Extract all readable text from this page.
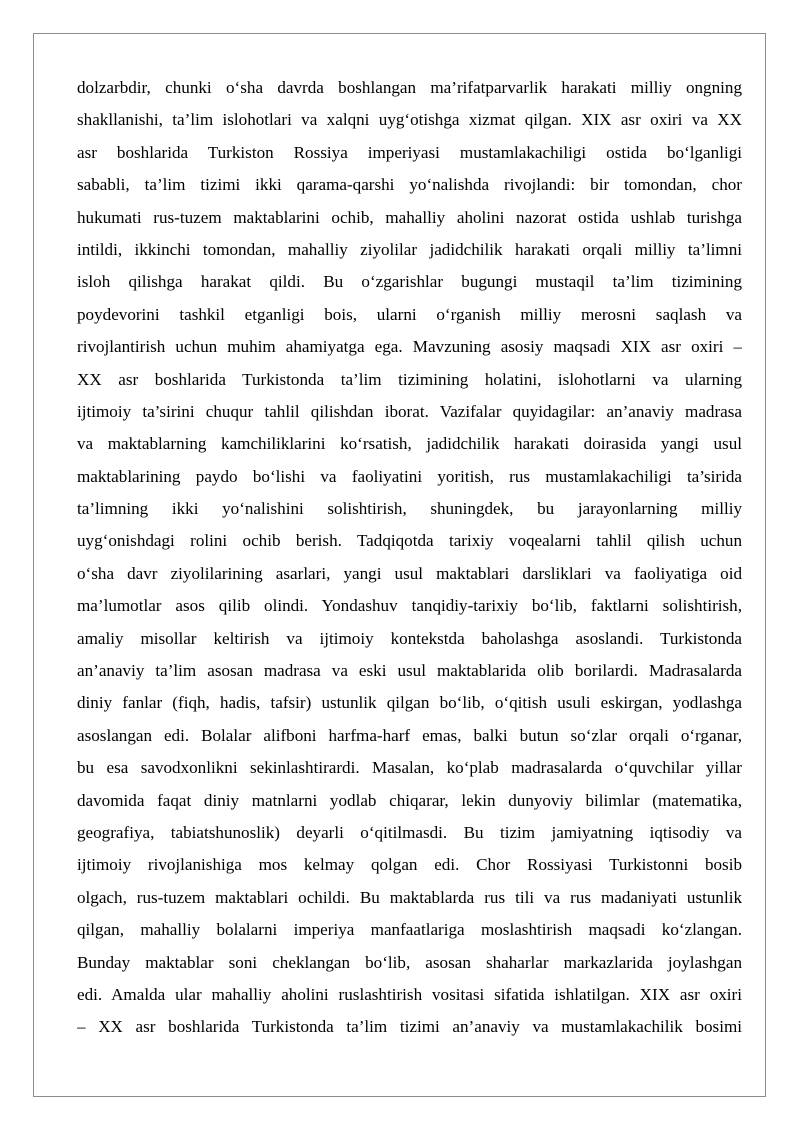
dolzarbdir, chunki o‘sha davrda boshlangan ma’rifatparvarlik harakati milliy ongning
shakllanishi, ta’lim islohotlari va xalqni uyg‘otishga xizmat qilgan. XIX asr oxiri va XX
asr boshlarida Turkiston Rossiya imperiyasi mustamlakachiligi ostida bo‘lganligi
sababli, ta’lim tizimi ikki qarama-qarshi yo‘nalishda rivojlandi: bir tomondan, chor
hukumati rus-tuzem maktablarini ochib, mahalliy aholini nazorat ostida ushlab turishga
intildi, ikkinchi tomondan, mahalliy ziyolilar jadidchilik harakati orqali milliy ta’limni
isloh qilishga harakat qildi. Bu o‘zgarishlar bugungi mustaqil ta’lim tizimining
poydevorini tashkil etganligi bois, ularni o‘rganish milliy merosni saqlash va
rivojlantirish uchun muhim ahamiyatga ega. Mavzuning asosiy maqsadi XIX asr oxiri –
XX asr boshlarida Turkistonda ta’lim tizimining holatini, islohotlarni va ularning
ijtimoiy ta’sirini chuqur tahlil qilishdan iborat. Vazifalar quyidagilar: an’anaviy madrasa
va maktablarning kamchiliklarini ko‘rsatish, jadidchilik harakati doirasida yangi usul
maktablarining paydo bo‘lishi va faoliyatini yoritish, rus mustamlakachiligi ta’sirida
ta’limning ikki yo‘nalishini solishtirish, shuningdek, bu jarayonlarning milliy
uyg‘onishdagi rolini ochib berish. Tadqiqotda tarixiy voqealarni tahlil qilish uchun
o‘sha davr ziyolilarining asarlari, yangi usul maktablari darsliklari va faoliyatiga oid
ma’lumotlar asos qilib olindi. Yondashuv tanqidiy-tarixiy bo‘lib, faktlarni solishtirish,
amaliy misollar keltirish va ijtimoiy kontekstda baholashga asoslandi. Turkistonda
an’anaviy ta’lim asosan madrasa va eski usul maktablarida olib borilardi. Madrasalarda
diniy fanlar (fiqh, hadis, tafsir) ustunlik qilgan bo‘lib, o‘qitish usuli eskirgan, yodlashga
asoslangan edi. Bolalar alifboni harfma-harf emas, balki butun so‘zlar orqali o‘rganar,
bu esa savodxonlikni sekinlashtirardi. Masalan, ko‘plab madrasalarda o‘quvchilar yillar
davomida faqat diniy matnlarni yodlab chiqarar, lekin dunyoviy bilimlar (matematika,
geografiya, tabiatshunoslik) deyarli o‘qitilmasdi. Bu tizim jamiyatning iqtisodiy va
ijtimoiy rivojlanishiga mos kelmay qolgan edi. Chor Rossiyasi Turkistonni bosib
olgach, rus-tuzem maktablari ochildi. Bu maktablarda rus tili va rus madaniyati ustunlik
qilgan, mahalliy bolalarni imperiya manfaatlariga moslashtirish maqsadi ko‘zlangan.
Bunday maktablar soni cheklangan bo‘lib, asosan shaharlar markazlarida joylashgan
edi. Amalda ular mahalliy aholini ruslashtirish vositasi sifatida ishlatilgan. XIX asr oxiri
– XX asr boshlarida Turkistonda ta’lim tizimi an’anaviy va mustamlakachilik bosimi
